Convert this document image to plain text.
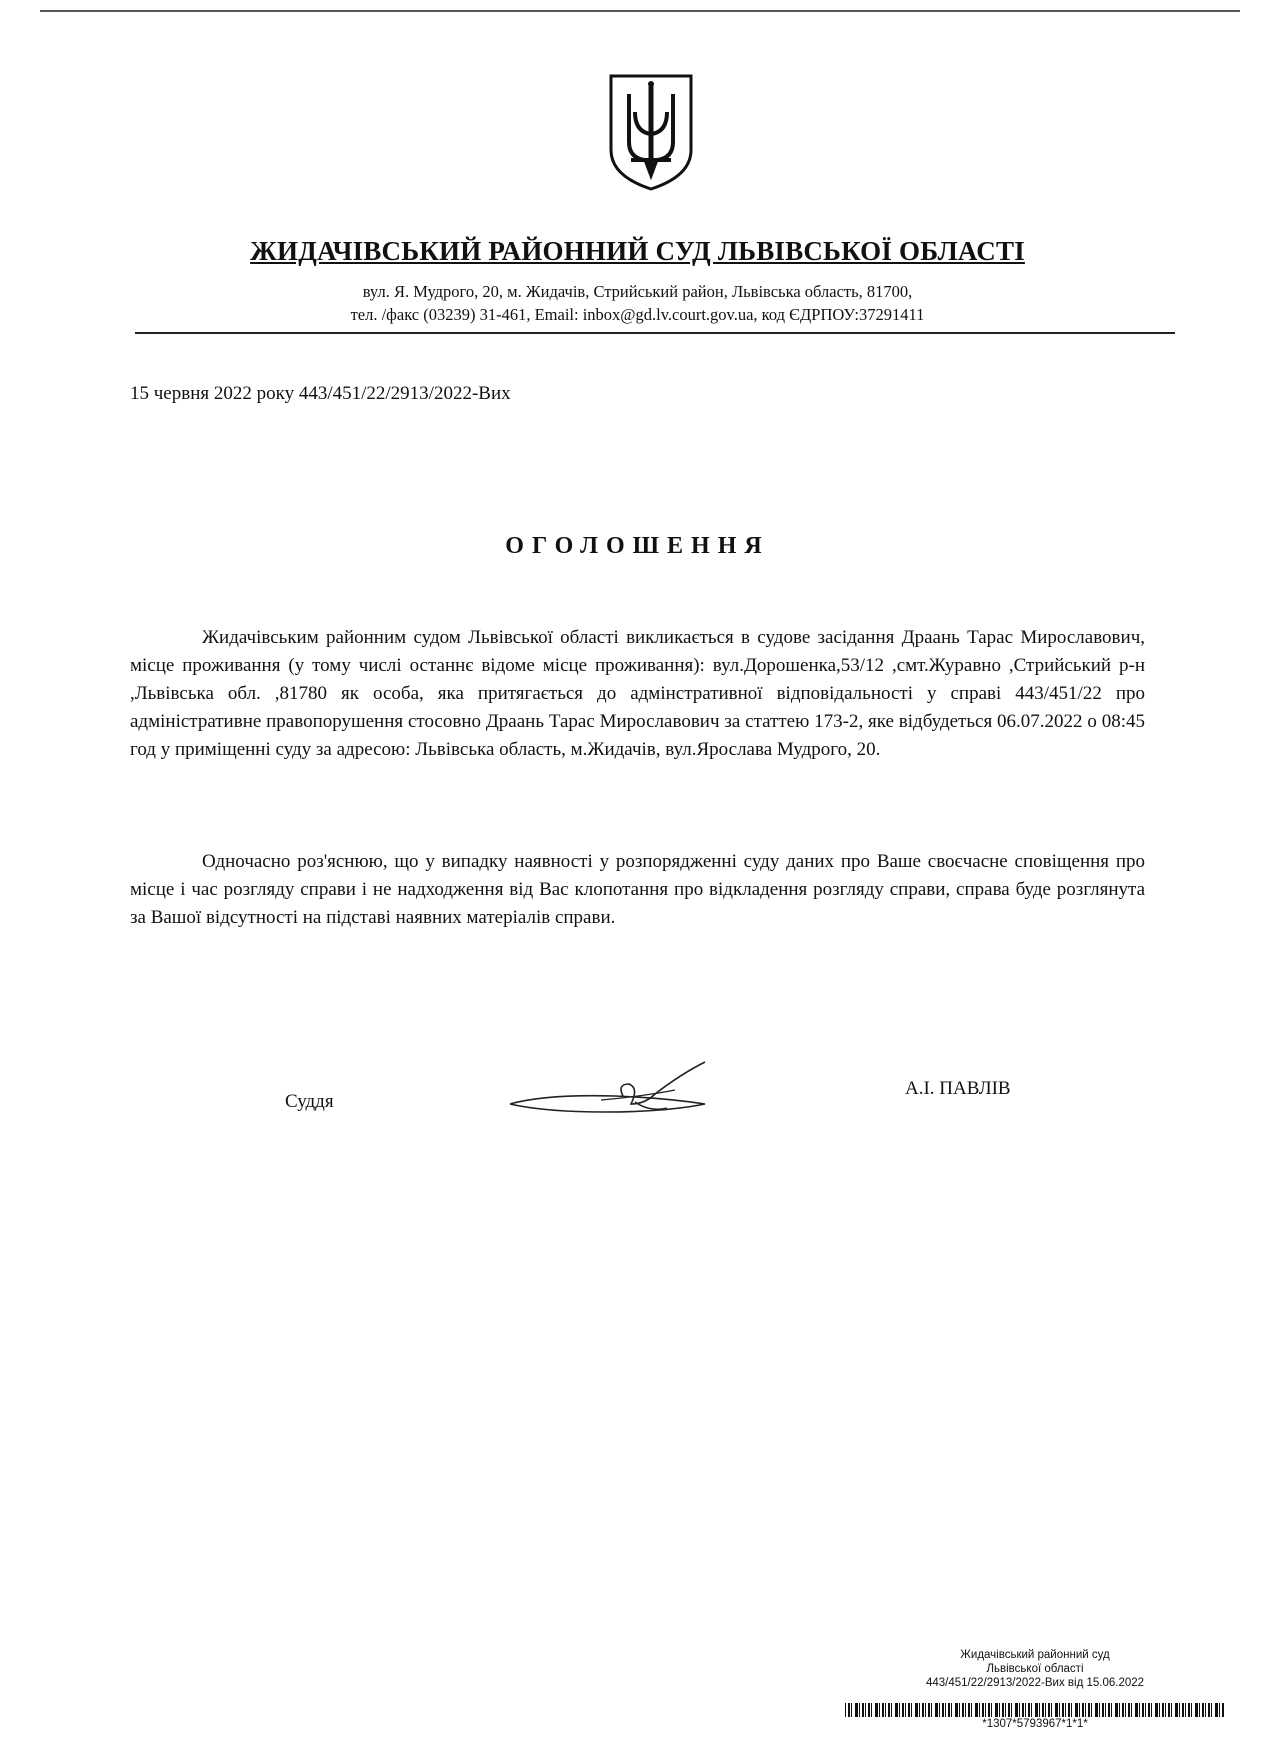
ЖИДАЧІВСЬКИЙ РАЙОННИЙ СУД ЛЬВІВСЬКОЇ ОБЛАСТІ
вул. Я. Мудрого, 20, м. Жидачів, Стрийський район, Львівська область, 81700,
тел. /факс (03239) 31-461, Email: inbox@gd.lv.court.gov.ua, код ЄДРПОУ:37291411
15 червня 2022 року 443/451/22/2913/2022-Вих
ОГОЛОШЕННЯ

Жидачівським районним судом Львівської області викликається в судове засідання Драань Тарас Мирославович, місце проживання (у тому числі останнє відоме місце проживання): вул.Дорошенка,53/12 ,смт.Журавно ,Стрийський р-н ,Львівська обл. ,81780 як особа, яка притягається до адмінстративної відповідальності у справі 443/451/22 про адміністративне правопорушення стосовно Драань Тарас Мирославович за статтею 173-2, яке відбудеться 06.07.2022 о 08:45 год у приміщенні суду за адресою: Львівська область, м.Жидачів, вул.Ярослава Мудрого, 20.

Одночасно роз'яснюю, що у випадку наявності у розпорядженні суду даних про Ваше своєчасне сповіщення про місце і час розгляду справи і не надходження від Вас клопотання про відкладення розгляду справи, справа буде розглянута за Вашої відсутності на підставі наявних матеріалів справи.

Суддя
А.І. ПАВЛІВ
Жидачівський районний суд
Львівської області
443/451/22/2913/2022-Вих від 15.06.2022
*1307*5793967*1*1*
